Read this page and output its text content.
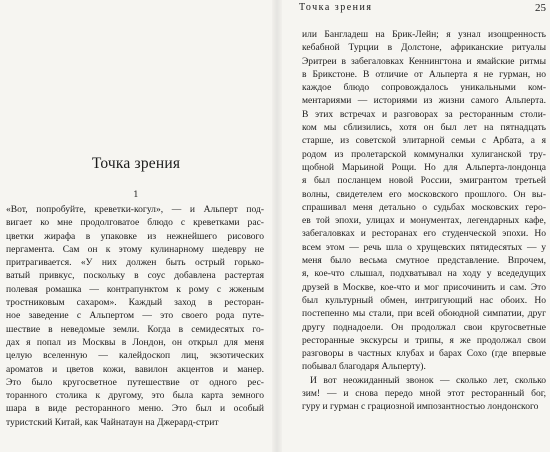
Точка зрения
1
«Вот, попробуйте, креветки-когул», — и Альперт под-
вигает ко мне продолговатое блюдо с креветками рас-
цветки жирафа в упаковке из нежнейшего рисового
пергамента. Сам он к этому кулинарному шедевру не
притрагивается. «У них должен быть острый горько-
ватый привкус, поскольку в соус добавлена растертая
полевая ромашка — контрапунктом к рому с жженым
тростниковым сахаром». Каждый заход в ресторан-
ное заведение с Альпертом — это своего рода путе-
шествие в неведомые земли. Когда в семидесятых го-
дах я попал из Москвы в Лондон, он открыл для меня
целую вселенную — калейдоскоп лиц, экзотических
ароматов и цветов кожи, вавилон акцентов и манер.
Это было кругосветное путешествие от одного рес-
торанного столика к другому, это была карта земного
шара в виде ресторанного меню. Это был и особый
туристский Китай, как Чайнатаун на Джерард-стрит
Точка зрения	25
или Бангладеш на Брик-Лейн; я узнал изощренность
кебабной Турции в Долстоне, африканские ритуалы
Эритреи в забегаловках Кеннингтона и ямайские ритмы
в Брикстоне. В отличие от Альперта я не гурман, но
каждое блюдо сопровождалось уникальными ком-
ментариями — историями из жизни самого Альперта.
В этих встречах и разговорах за ресторанным столи-
ком мы сблизились, хотя он был лет на пятнадцать
старше, из советской элитарной семьи с Арбата, а я
родом из пролетарской коммуналки хулиганской тру-
щобной Марьиной Рощи. Но для Альперта-лондонца
я был посланцем новой России, эмигрантом третьей
волны, свидетелем его московского прошлого. Он вы-
спрашивал меня детально о судьбах московских геро-
ев той эпохи, улицах и монументах, легендарных кафе,
забегаловках и ресторанах его студенческой эпохи. Но
всем этом — речь шла о хрущевских пятидесятых — у
меня было весьма смутное представление. Впрочем,
я, кое-что слышал, подхватывал на ходу у вседедущих
друзей в Москве, кое-что и мог присочинить и сам. Это
был культурный обмен, интригующий нас обоих. Но
постепенно мы стали, при всей обоюдной симпатии, друг
другу поднадоели. Он продолжал свои кругосветные
ресторанные экскурсы и трипы, я же продолжал свои
разговоры в частных клубах и барах Сохо (где впервые
побывал благодаря Альперту).
И вот неожиданный звонок — сколько лет, сколько
зим! — и снова передо мной этот ресторанный бог,
гуру и гурман с грациозной импозантностью лондонского
